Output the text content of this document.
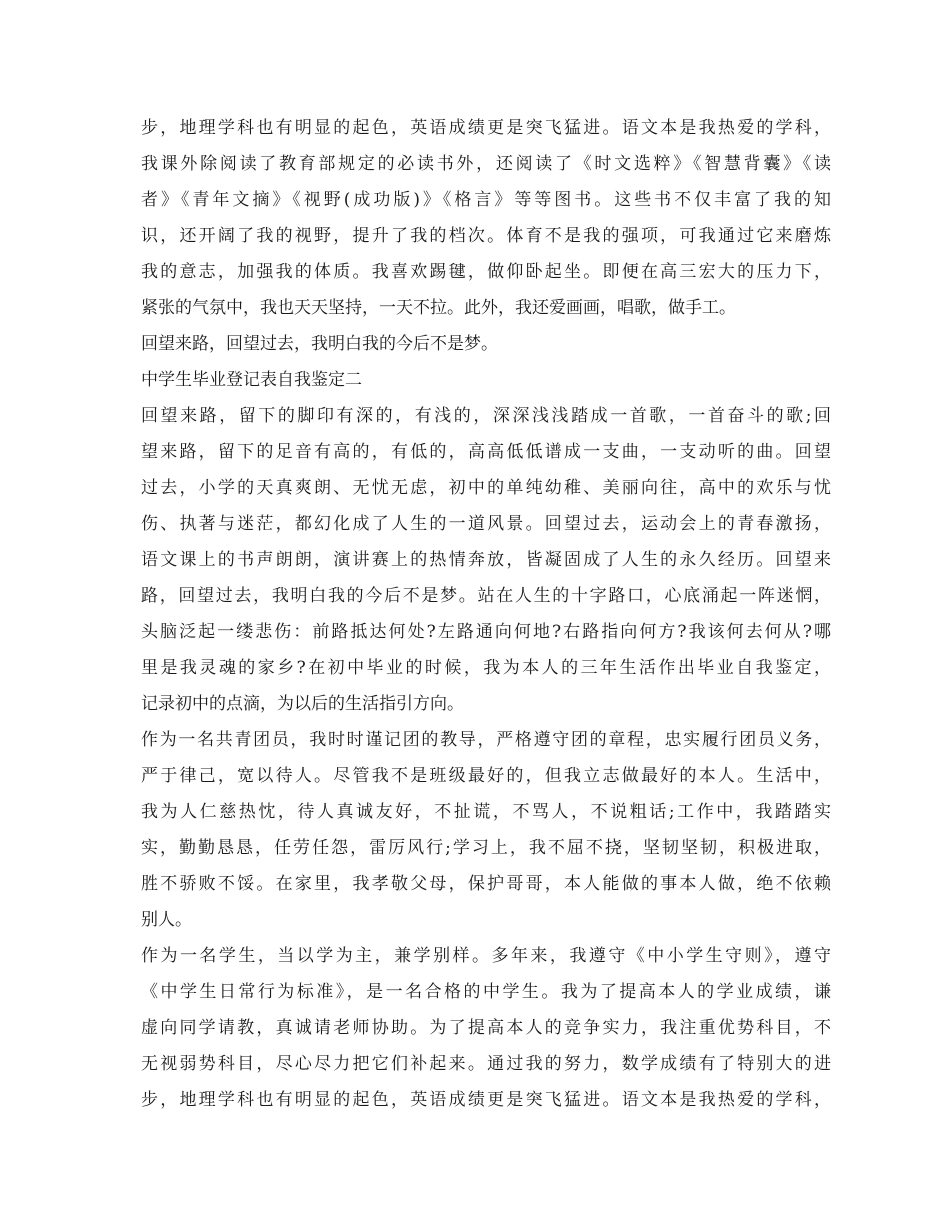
步，地理学科也有明显的起色，英语成绩更是突飞猛进。语文本是我热爱的学科，
我课外除阅读了教育部规定的必读书外，还阅读了《时文选粹》《智慧背囊》《读
者》《青年文摘》《视野(成功版)》《格言》等等图书。这些书不仅丰富了我的知
识，还开阔了我的视野，提升了我的档次。体育不是我的强项，可我通过它来磨炼
我的意志，加强我的体质。我喜欢踢毽，做仰卧起坐。即便在高三宏大的压力下，
紧张的气氛中，我也天天坚持，一天不拉。此外，我还爱画画，唱歌，做手工。
回望来路，回望过去，我明白我的今后不是梦。
中学生毕业登记表自我鉴定二
回望来路，留下的脚印有深的，有浅的，深深浅浅踏成一首歌，一首奋斗的歌;回
望来路，留下的足音有高的，有低的，高高低低谱成一支曲，一支动听的曲。回望
过去，小学的天真爽朗、无忧无虑，初中的单纯幼稚、美丽向往，高中的欢乐与忧
伤、执著与迷茫，都幻化成了人生的一道风景。回望过去，运动会上的青春激扬，
语文课上的书声朗朗，演讲赛上的热情奔放，皆凝固成了人生的永久经历。回望来
路，回望过去，我明白我的今后不是梦。站在人生的十字路口，心底涌起一阵迷惘，
头脑泛起一缕悲伤：前路抵达何处?左路通向何地?右路指向何方?我该何去何从?哪
里是我灵魂的家乡?在初中毕业的时候，我为本人的三年生活作出毕业自我鉴定，
记录初中的点滴，为以后的生活指引方向。
作为一名共青团员，我时时谨记团的教导，严格遵守团的章程，忠实履行团员义务，
严于律己，宽以待人。尽管我不是班级最好的，但我立志做最好的本人。生活中，
我为人仁慈热忱，待人真诚友好，不扯谎，不骂人，不说粗话;工作中，我踏踏实
实，勤勤恳恳，任劳任怨，雷厉风行;学习上，我不屈不挠，坚韧坚韧，积极进取，
胜不骄败不馁。在家里，我孝敬父母，保护哥哥，本人能做的事本人做，绝不依赖
别人。
作为一名学生，当以学为主，兼学别样。多年来，我遵守《中小学生守则》，遵守
《中学生日常行为标准》，是一名合格的中学生。我为了提高本人的学业成绩，谦
虚向同学请教，真诚请老师协助。为了提高本人的竞争实力，我注重优势科目，不
无视弱势科目，尽心尽力把它们补起来。通过我的努力，数学成绩有了特别大的进
步，地理学科也有明显的起色，英语成绩更是突飞猛进。语文本是我热爱的学科，
